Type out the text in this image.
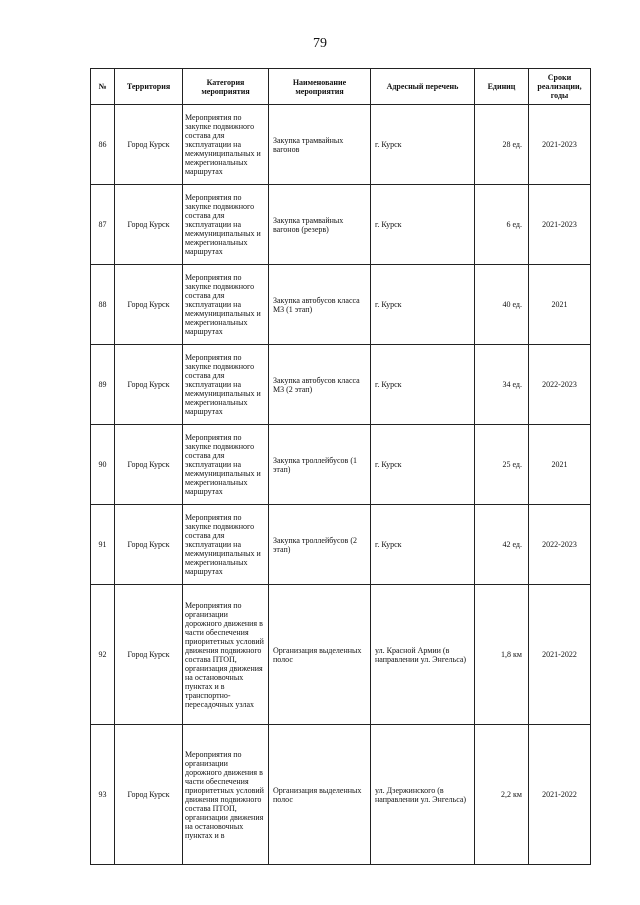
79
№	Территория	Категория мероприятия	Наименование мероприятия	Адресный перечень	Единиц	Сроки реализации, годы
86	Город Курск	Мероприятия по закупке подвижного состава для эксплуатации на межмуниципальных и межрегиональных маршрутах	Закупка трамвайных вагонов	г. Курск	28 ед.	2021-2023
87	Город Курск	Мероприятия по закупке подвижного состава для эксплуатации на межмуниципальных и межрегиональных маршрутах	Закупка трамвайных вагонов (резерв)	г. Курск	6 ед.	2021-2023
88	Город Курск	Мероприятия по закупке подвижного состава для эксплуатации на межмуниципальных и межрегиональных маршрутах	Закупка автобусов класса М3 (1 этап)	г. Курск	40 ед.	2021
89	Город Курск	Мероприятия по закупке подвижного состава для эксплуатации на межмуниципальных и межрегиональных маршрутах	Закупка автобусов класса М3 (2 этап)	г. Курск	34 ед.	2022-2023
90	Город Курск	Мероприятия по закупке подвижного состава для эксплуатации на межмуниципальных и межрегиональных маршрутах	Закупка троллейбусов (1 этап)	г. Курск	25 ед.	2021
91	Город Курск	Мероприятия по закупке подвижного состава для эксплуатации на межмуниципальных и межрегиональных маршрутах	Закупка троллейбусов (2 этап)	г. Курск	42 ед.	2022-2023
92	Город Курск	Мероприятия по организации дорожного движения в части обеспечения приоритетных условий движения подвижного состава ПТОП, организация движения на остановочных пунктах и в транспортно-пересадочных узлах	Организация выделенных полос	ул. Красной Армии (в направлении ул. Энгельса)	1,8 км	2021-2022
93	Город Курск	Мероприятия по организации дорожного движения в части обеспечения приоритетных условий движения подвижного состава ПТОП, организации движения на остановочных пунктах и в	Организация выделенных полос	ул. Дзержинского (в направлении ул. Энгельса)	2,2 км	2021-2022
